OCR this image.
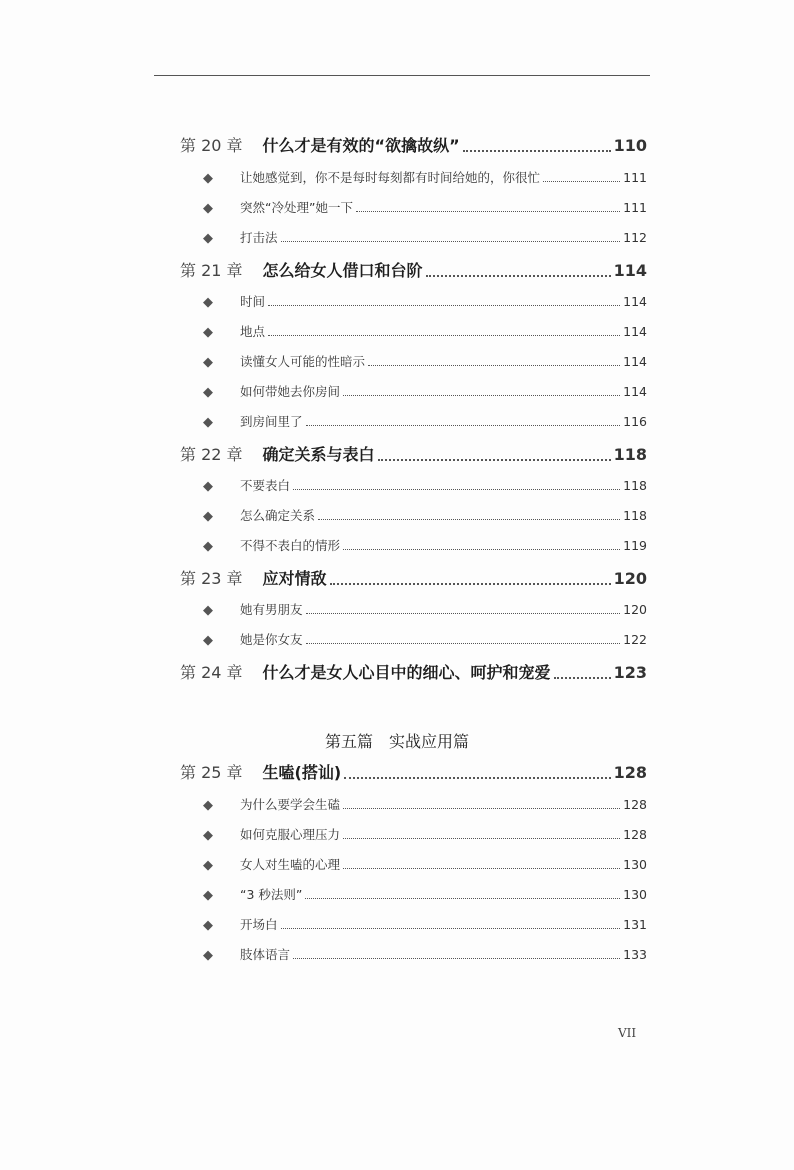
第 20 章 什么才是有效的“欲擒故纵”	110
◆	让她感觉到，你不是每时每刻都有时间给她的，你很忙	111
◆	突然“冷处理”她一下	111
◆	打击法	112
第 21 章 怎么给女人借口和台阶	114
◆	时间	114
◆	地点	114
◆	读懂女人可能的性暗示	114
◆	如何带她去你房间	114
◆	到房间里了	116
第 22 章 确定关系与表白	118
◆	不要表白	118
◆	怎么确定关系	118
◆	不得不表白的情形	119
第 23 章 应对情敌	120
◆	她有男朋友	120
◆	她是你女友	122
第 24 章 什么才是女人心目中的细心、呵护和宠爱	123
第五篇　实战应用篇
第 25 章 生嗑(搭讪)	128
◆	为什么要学会生磕	128
◆	如何克服心理压力	128
◆	女人对生嗑的心理	130
◆	“3 秒法则”	130
◆	开场白	131
◆	肢体语言	133
VII
